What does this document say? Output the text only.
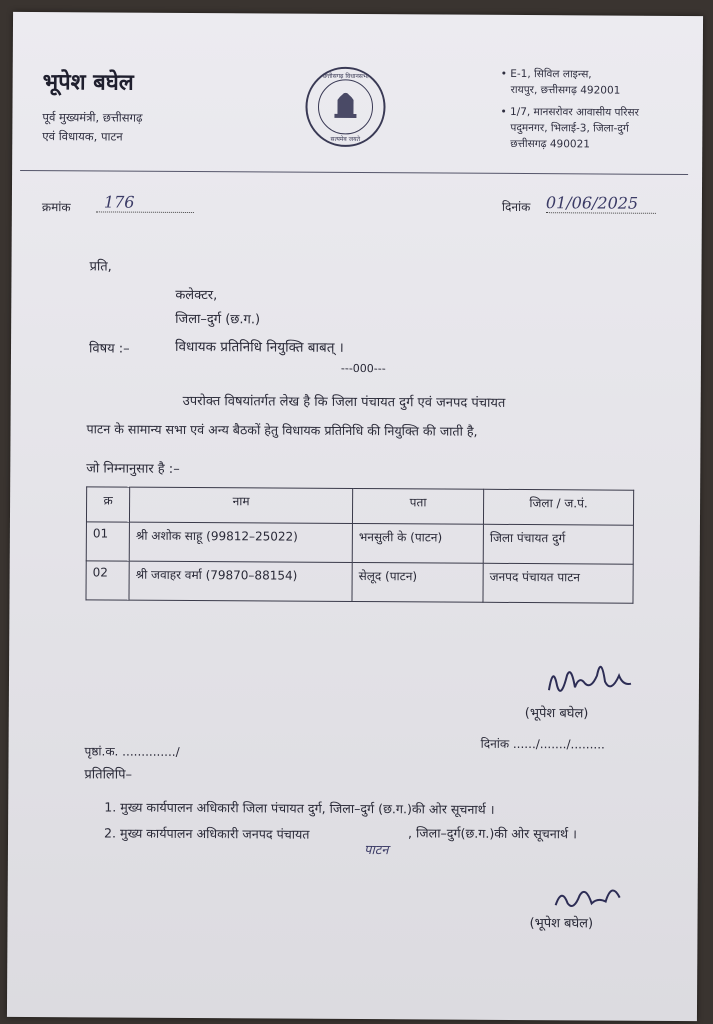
भूपेश बघेल
पूर्व मुख्यमंत्री, छत्तीसगढ़
एवं विधायक, पाटन
छत्तीसगढ़ विधानसभा
सत्यमेव जयते
• E-1, सिविल लाइन्स,
रायपुर, छत्तीसगढ़ 492001
• 1/7, मानसरोवर आवासीय परिसर
पदुमनगर, भिलाई-3, जिला-दुर्ग
छत्तीसगढ़ 490021
क्रमांक	176	दिनांक 01/06/2025
प्रति,
कलेक्टर,
जिला–दुर्ग (छ.ग.)
विषय :–	विधायक प्रतिनिधि नियुक्ति बाबत् ।
---000---
उपरोक्त विषयांतर्गत लेख है कि जिला पंचायत दुर्ग एवं जनपद पंचायत
पाटन के सामान्य सभा एवं अन्य बैठकों हेतु विधायक प्रतिनिधि की नियुक्ति की जाती है,
जो निम्नानुसार है :–
क्र	नाम	पता	जिला / ज.पं.
01	श्री अशोक साहू (99812–25022)	भनसुली के (पाटन)	जिला पंचायत दुर्ग
02	श्री जवाहर वर्मा (79870–88154)	सेलूद (पाटन)	जनपद पंचायत पाटन
(भूपेश बघेल)
पृष्ठां.क. ............../
दिनांक ....../......./.........
प्रतिलिपि–
1. मुख्य कार्यपालन अधिकारी जिला पंचायत दुर्ग, जिला–दुर्ग (छ.ग.)की ओर सूचनार्थ ।
2. मुख्य कार्यपालन अधिकारी जनपद पंचायत
पाटन
, जिला–दुर्ग(छ.ग.)की ओर सूचनार्थ ।
(भूपेश बघेल)
